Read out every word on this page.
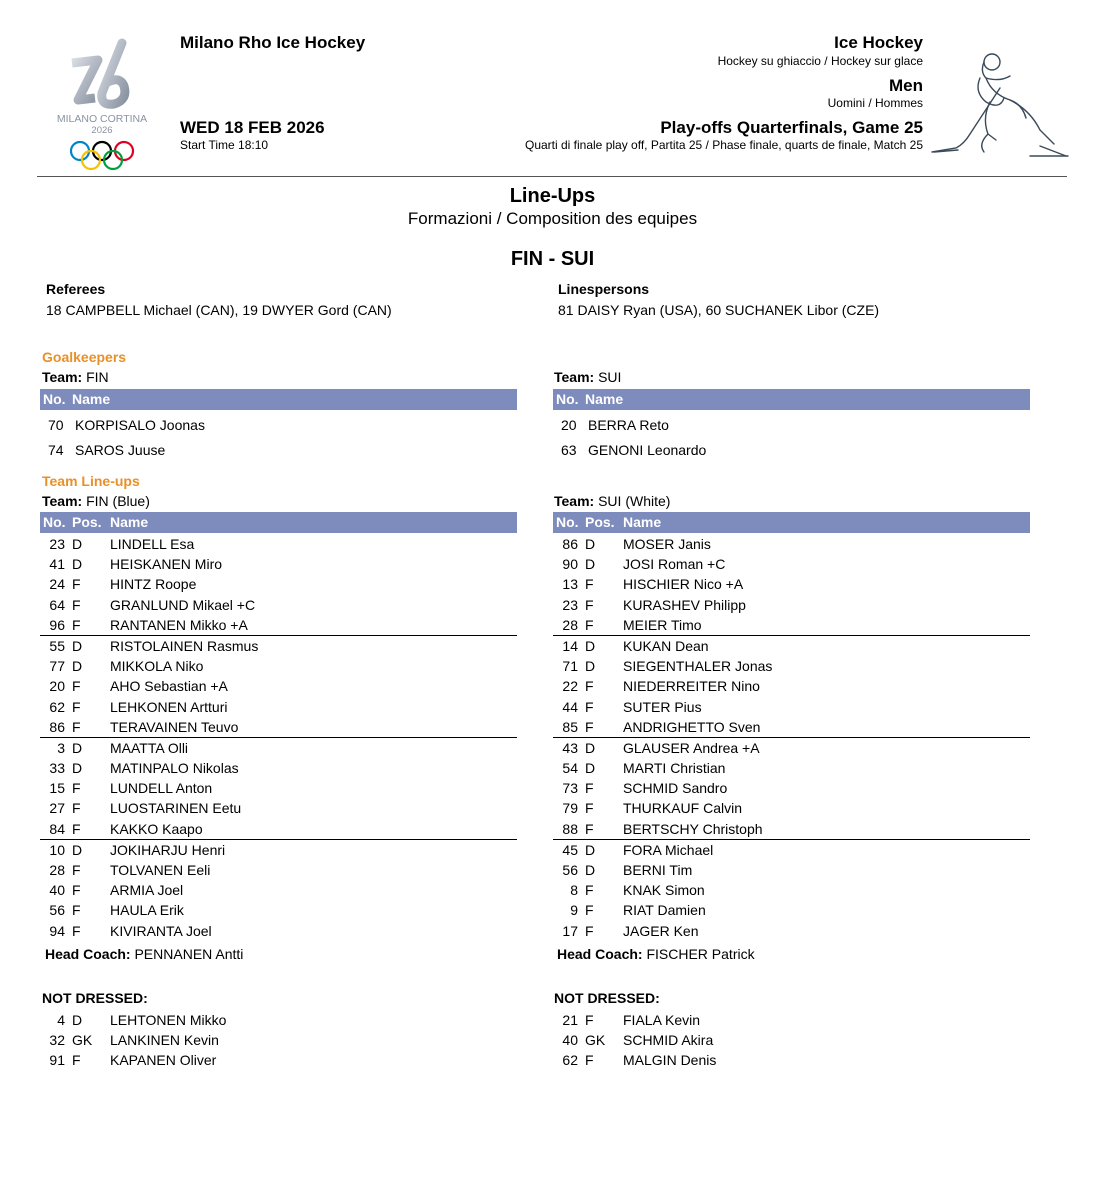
MILANO CORTINA
2026
Milano Rho Ice Hockey
WED 18 FEB 2026
Start Time 18:10
Ice Hockey
Hockey su ghiaccio / Hockey sur glace
Men
Uomini / Hommes
Play-offs Quarterfinals, Game 25
Quarti di finale play off, Partita 25 / Phase finale, quarts de finale, Match 25
Line-Ups
Formazioni / Composition des equipes
FIN - SUI
Referees
18 CAMPBELL Michael (CAN), 19 DWYER Gord (CAN)
Linespersons
81 DAISY Ryan (USA), 60 SUCHANEK Libor (CZE)
Goalkeepers
Team: FIN	Team: SUI
No. Name
70 KORPISALO Joonas
74 SAROS Juuse
No. Name
20 BERRA Reto
63 GENONI Leonardo
Team Line-ups
Team: FIN (Blue)	Team: SUI (White)
No. Pos. Name
23 D LINDELL Esa
41 D HEISKANEN Miro
24 F HINTZ Roope
64 F GRANLUND Mikael +C
96 F RANTANEN Mikko +A
55 D RISTOLAINEN Rasmus
77 D MIKKOLA Niko
20 F AHO Sebastian +A
62 F LEHKONEN Artturi
86 F TERAVAINEN Teuvo
3 D MAATTA Olli
33 D MATINPALO Nikolas
15 F LUNDELL Anton
27 F LUOSTARINEN Eetu
84 F KAKKO Kaapo
10 D JOKIHARJU Henri
28 F TOLVANEN Eeli
40 F ARMIA Joel
56 F HAULA Erik
94 F KIVIRANTA Joel
No. Pos. Name
86 D MOSER Janis
90 D JOSI Roman +C
13 F HISCHIER Nico +A
23 F KURASHEV Philipp
28 F MEIER Timo
14 D KUKAN Dean
71 D SIEGENTHALER Jonas
22 F NIEDERREITER Nino
44 F SUTER Pius
85 F ANDRIGHETTO Sven
43 D GLAUSER Andrea +A
54 D MARTI Christian
73 F SCHMID Sandro
79 F THURKAUF Calvin
88 F BERTSCHY Christoph
45 D FORA Michael
56 D BERNI Tim
8 F KNAK Simon
9 F RIAT Damien
17 F JAGER Ken
Head Coach: PENNANEN Antti	Head Coach: FISCHER Patrick
NOT DRESSED:	NOT DRESSED:
4 D LEHTONEN Mikko
32 GK LANKINEN Kevin
91 F KAPANEN Oliver
21 F FIALA Kevin
40 GK SCHMID Akira
62 F MALGIN Denis
